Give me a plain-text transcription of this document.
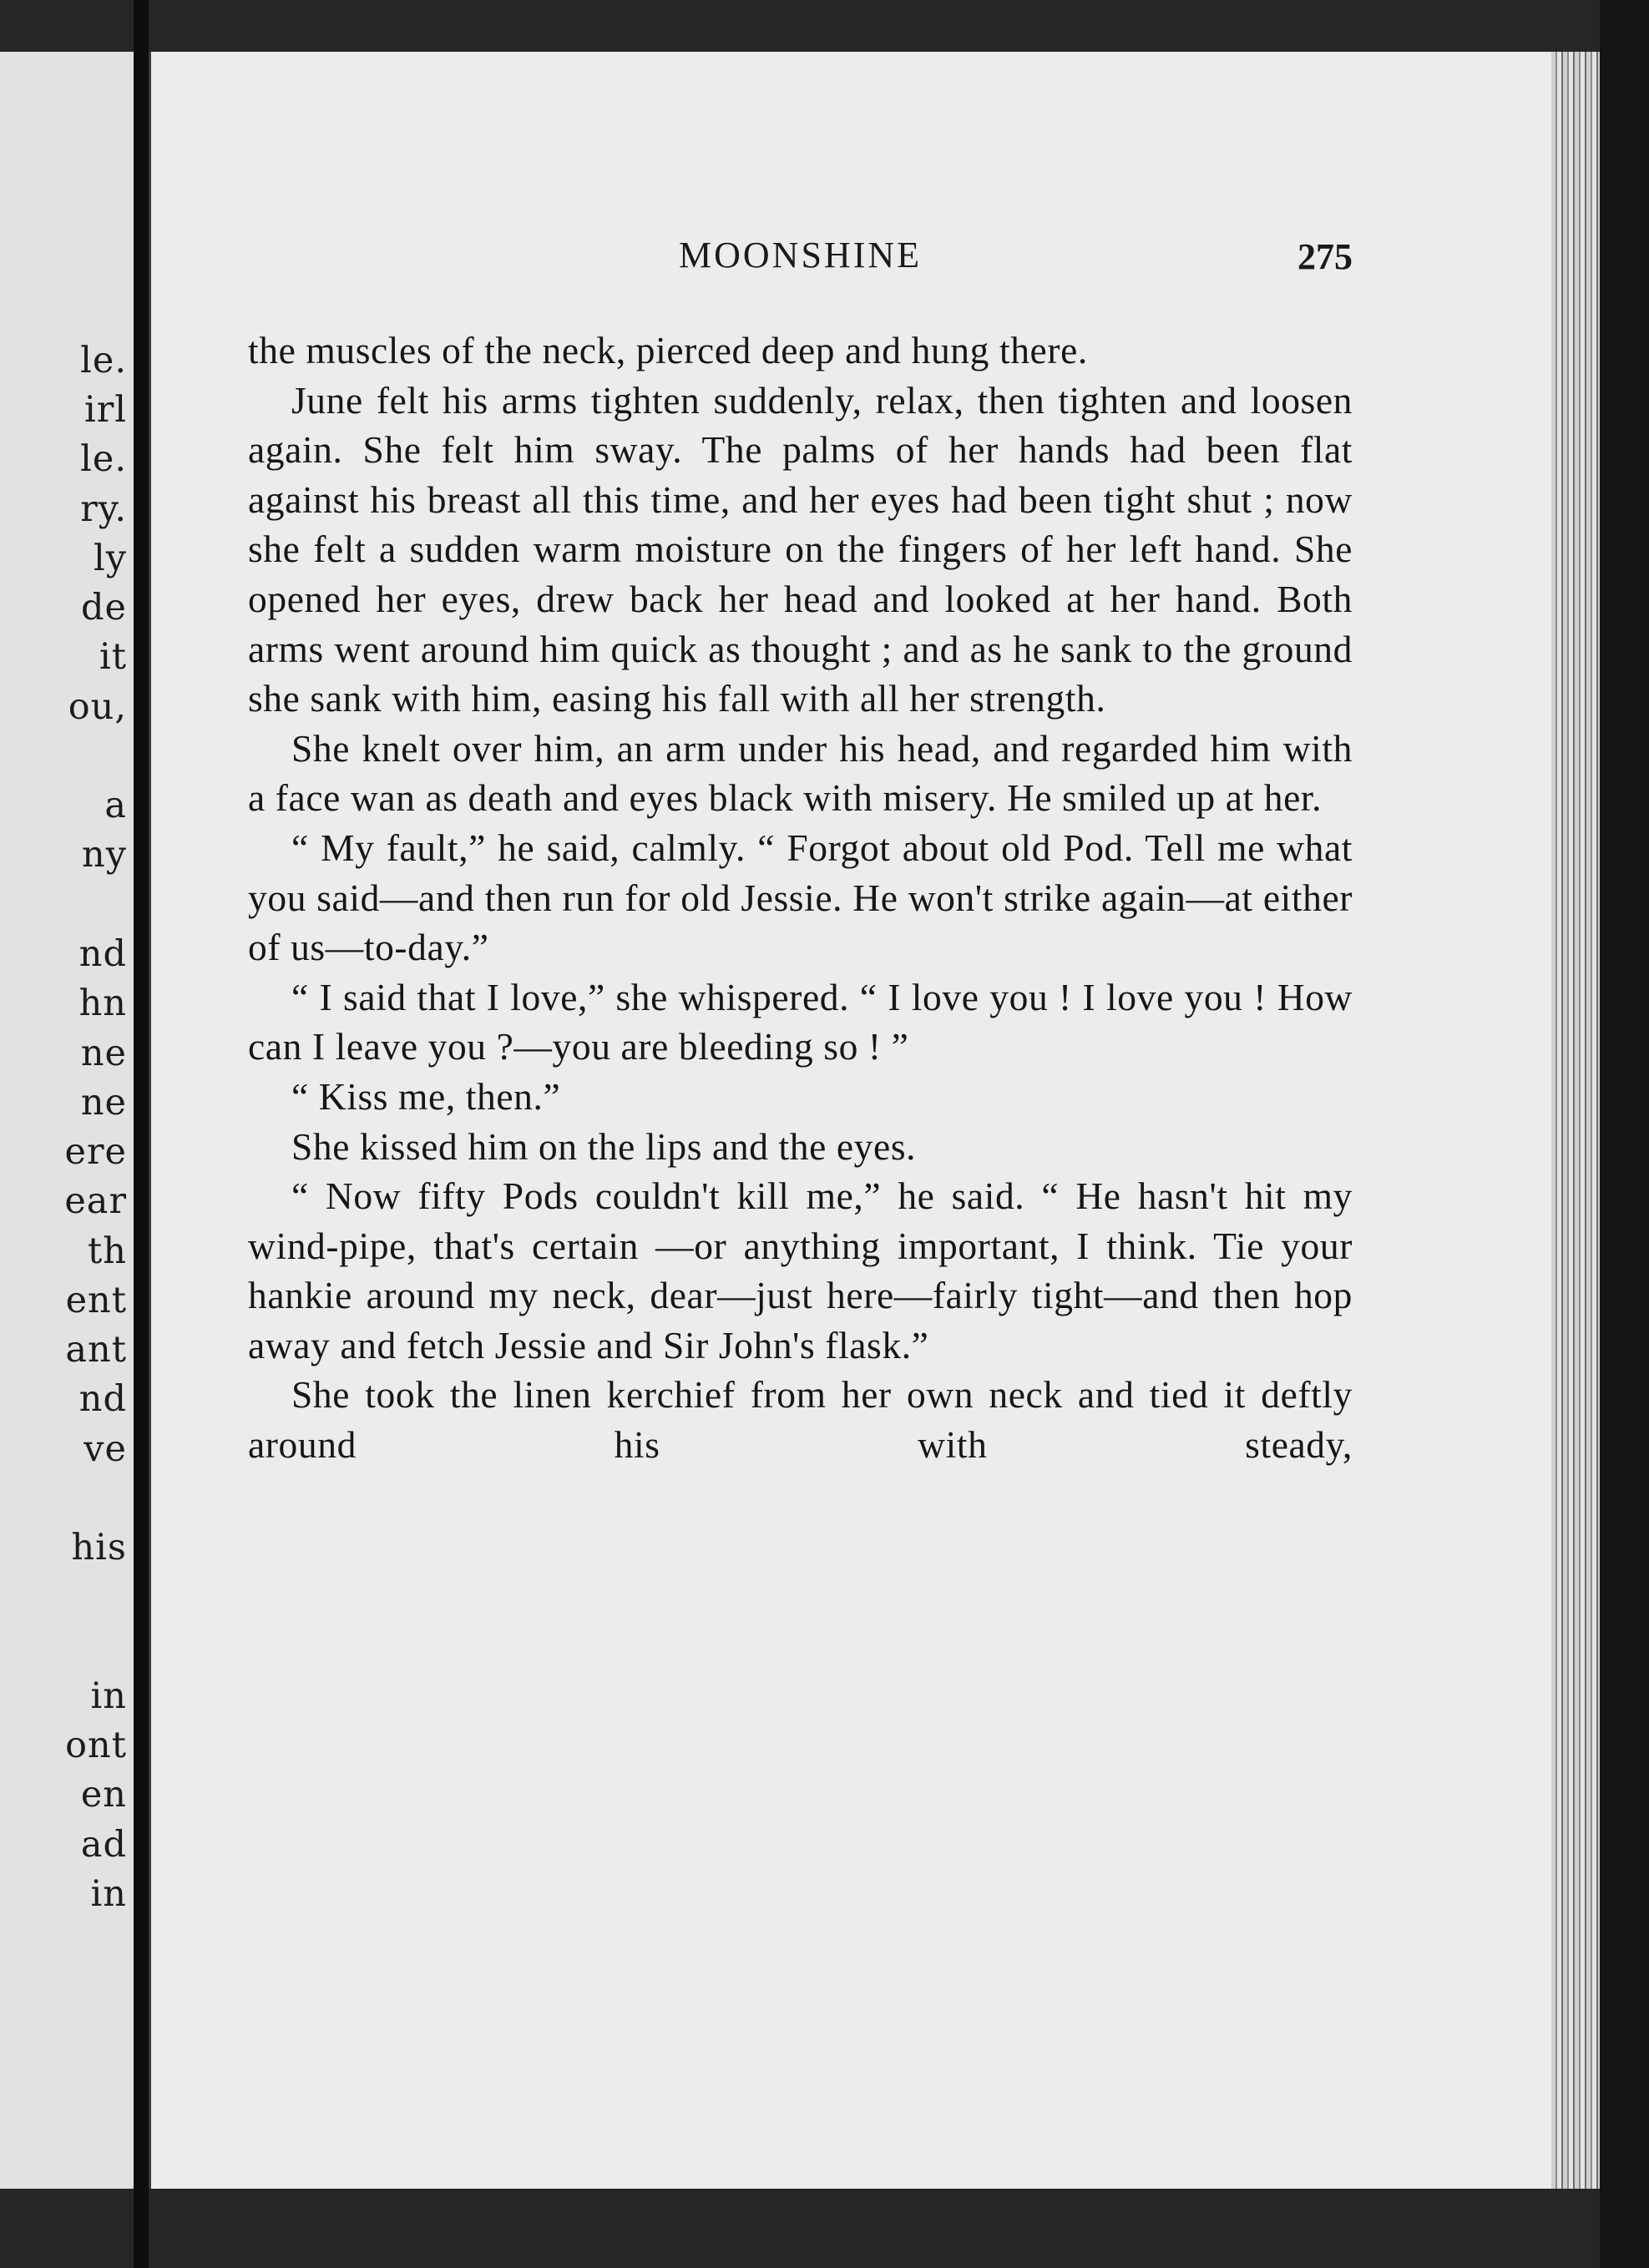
le.
irl
le.
ry.
ly
de
it
ou,
a
ny
nd
hn
ne
ne
ere
ear
th
ent
ant
nd
ve
his
in
ont
en
ad
in
MOONSHINE	275

the muscles of the neck, pierced deep and hung there.

June felt his arms tighten suddenly, relax, then tighten and loosen again. She felt him sway. The palms of her hands had been flat against his breast all this time, and her eyes had been tight shut ; now she felt a sudden warm moisture on the fingers of her left hand. She opened her eyes, drew back her head and looked at her hand. Both arms went around him quick as thought ; and as he sank to the ground she sank with him, easing his fall with all her strength.

She knelt over him, an arm under his head, and regarded him with a face wan as death and eyes black with misery. He smiled up at her.

“ My fault,” he said, calmly. “ Forgot about old Pod. Tell me what you said—and then run for old Jessie. He won't strike again—at either of us—to-day.”

“ I said that I love,” she whispered. “ I love you ! I love you ! How can I leave you ?—you are bleeding so ! ”

“ Kiss me, then.”

She kissed him on the lips and the eyes.

“ Now fifty Pods couldn't kill me,” he said. “ He hasn't hit my wind-pipe, that's certain —or anything important, I think. Tie your hankie around my neck, dear—just here—fairly tight—and then hop away and fetch Jessie and Sir John's flask.”

She took the linen kerchief from her own neck and tied it deftly around his with steady,
